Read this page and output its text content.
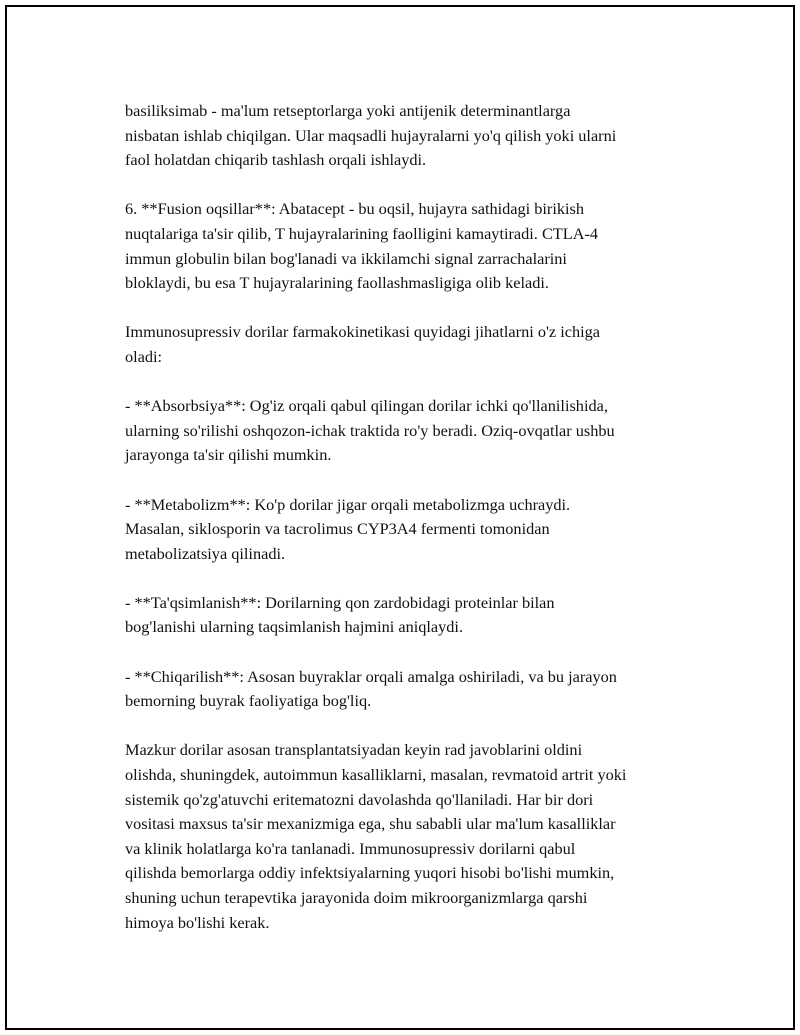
basiliksimab - ma'lum retseptorlarga yoki antijenik determinantlarga
nisbatan ishlab chiqilgan. Ular maqsadli hujayralarni yo'q qilish yoki ularni
faol holatdan chiqarib tashlash orqali ishlaydi.

6. **Fusion oqsillar**: Abatacept - bu oqsil, hujayra sathidagi birikish
nuqtalariga ta'sir qilib, T hujayralarining faolligini kamaytiradi. CTLA-4
immun globulin bilan bog'lanadi va ikkilamchi signal zarrachalarini
bloklaydi, bu esa T hujayralarining faollashmasligiga olib keladi.

Immunosupressiv dorilar farmakokinetikasi quyidagi jihatlarni o'z ichiga
oladi:

- **Absorbsiya**: Og'iz orqali qabul qilingan dorilar ichki qo'llanilishida,
ularning so'rilishi oshqozon-ichak traktida ro'y beradi. Oziq-ovqatlar ushbu
jarayonga ta'sir qilishi mumkin.

- **Metabolizm**: Ko'p dorilar jigar orqali metabolizmga uchraydi.
Masalan, siklosporin va tacrolimus CYP3A4 fermenti tomonidan
metabolizatsiya qilinadi.

- **Ta'qsimlanish**: Dorilarning qon zardobidagi proteinlar bilan
bog'lanishi ularning taqsimlanish hajmini aniqlaydi.

- **Chiqarilish**: Asosan buyraklar orqali amalga oshiriladi, va bu jarayon
bemorning buyrak faoliyatiga bog'liq.

Mazkur dorilar asosan transplantatsiyadan keyin rad javoblarini oldini
olishda, shuningdek, autoimmun kasalliklarni, masalan, revmatoid artrit yoki
sistemik qo'zg'atuvchi eritematozni davolashda qo'llaniladi. Har bir dori
vositasi maxsus ta'sir mexanizmiga ega, shu sababli ular ma'lum kasalliklar
va klinik holatlarga ko'ra tanlanadi. Immunosupressiv dorilarni qabul
qilishda bemorlarga oddiy infektsiyalarning yuqori hisobi bo'lishi mumkin,
shuning uchun terapevtika jarayonida doim mikroorganizmlarga qarshi
himoya bo'lishi kerak.
